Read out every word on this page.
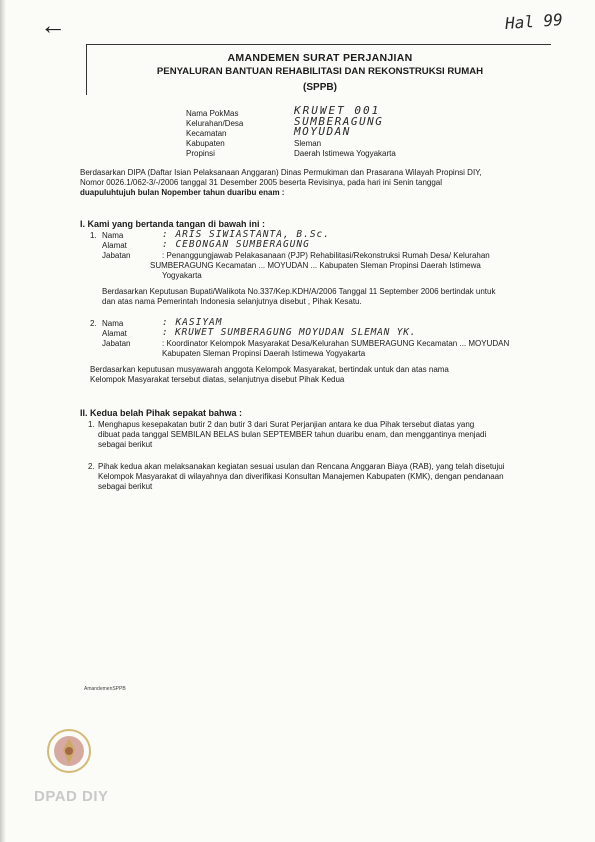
←	Hal 99
AMANDEMEN SURAT PERJANJIAN
PENYALURAN BANTUAN REHABILITASI DAN REKONSTRUKSI RUMAH
(SPPB)
Nama PokMas	KRUWET 001
Kelurahan/Desa	SUMBERAGUNG
Kecamatan	MOYUDAN
Kabupaten	Sleman
Propinsi	Daerah Istimewa Yogyakarta
Berdasarkan DIPA (Daftar Isian Pelaksanaan Anggaran) Dinas Permukiman dan Prasarana Wilayah Propinsi DIY,
Nomor 0026.1/062-3/-/2006 tanggal 31 Desember 2005 beserta Revisinya, pada hari ini Senin tanggal
duapuluhtujuh bulan Nopember tahun duaribu enam :
I. Kami yang bertanda tangan di bawah ini :
1. Nama	: ARIS SIWIASTANTA, B.Sc.
Alamat	: CEBONGAN SUMBERAGUNG
Jabatan	: Penanggungjawab Pelakasanaan (PJP) Rehabilitasi/Rekonstruksi Rumah Desa/ Kelurahan
SUMBERAGUNG Kecamatan ... MOYUDAN ... Kabupaten Sleman Propinsi Daerah Istimewa
Yogyakarta
Berdasarkan Keputusan Bupati/Walikota No.337/Kep.KDH/A/2006 Tanggal 11 September 2006 bertindak untuk
dan atas nama Pemerintah Indonesia selanjutnya disebut , Pihak Kesatu.
2. Nama	: KASIYAM
Alamat	: KRUWET SUMBERAGUNG MOYUDAN SLEMAN YK.
Jabatan	: Koordinator Kelompok Masyarakat Desa/Kelurahan SUMBERAGUNG Kecamatan ... MOYUDAN
Kabupaten Sleman Propinsi Daerah Istimewa Yogyakarta
Berdasarkan keputusan musyawarah anggota Kelompok Masyarakat, bertindak untuk dan atas nama
Kelompok Masyarakat tersebut diatas, selanjutnya disebut Pihak Kedua
II. Kedua belah Pihak sepakat bahwa :
1. Menghapus kesepakatan butir 2 dan butir 3 dari Surat Perjanjian antara ke dua Pihak tersebut diatas yang
dibuat pada tanggal SEMBILAN BELAS bulan SEPTEMBER tahun duaribu enam, dan menggantinya menjadi
sebagai berikut
2. Pihak kedua akan melaksanakan kegiatan sesuai usulan dan Rencana Anggaran Biaya (RAB), yang telah disetujui
Kelompok Masyarakat di wilayahnya dan diverifikasi Konsultan Manajemen Kabupaten (KMK), dengan pendanaan
sebagai berikut
AmandemenSPPB
DPAD DIY
